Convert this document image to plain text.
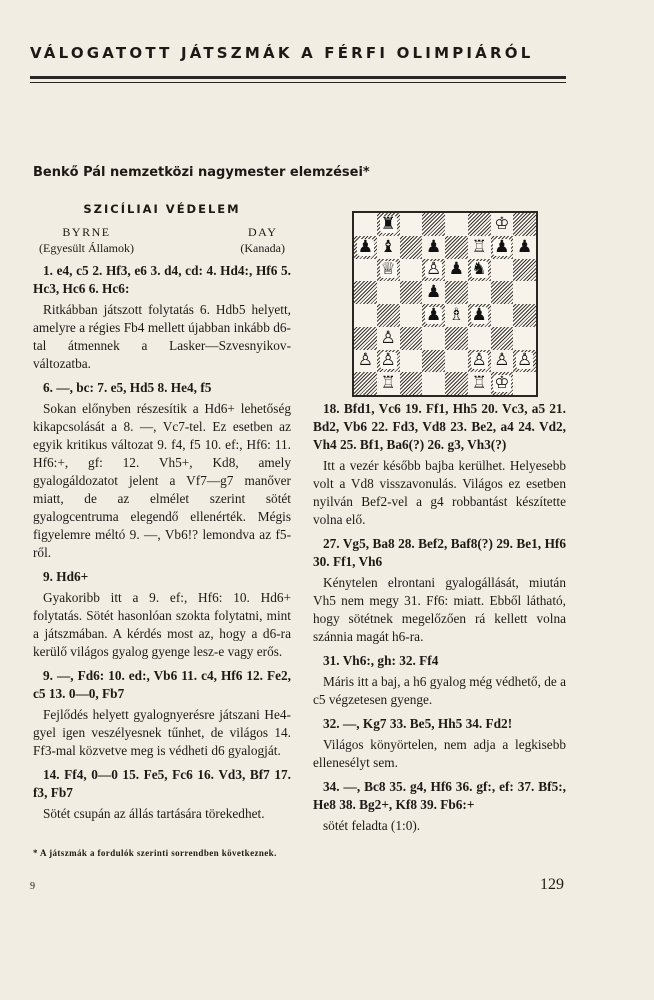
VÁLOGATOTT JÁTSZMÁK A FÉRFI OLIMPIÁRÓL
Benkő Pál nemzetközi nagymester elemzései*
SZICÍLIAI VÉDELEM
BYRNE
(Egyesült Államok)
DAY
(Kanada)
1. e4, c5 2. Hf3, e6 3. d4, cd: 4. Hd4:, Hf6 5. Hc3, Hc6 6. Hc6:
Ritkábban játszott folytatás 6. Hdb5 helyett, amelyre a régies Fb4 mellett újabban inkább d6-tal átmennek a Lasker—Szvesnyikov-változatba.
6. —, bc: 7. e5, Hd5 8. He4, f5
Sokan előnyben részesítik a Hd6+ lehetőség kikapcsolását a 8. —, Vc7-tel. Ez esetben az egyik kritikus változat 9. f4, f5 10. ef:, Hf6: 11. Hf6:+, gf: 12. Vh5+, Kd8, amely gyalogáldozatot jelent a Vf7—g7 manőver miatt, de az elmélet szerint sötét gyalogcentruma elegendő ellenérték. Mégis figyelemre méltó 9. —, Vb6!? lemondva az f5-ről.
9. Hd6+
Gyakoribb itt a 9. ef:, Hf6: 10. Hd6+ folytatás. Sötét hasonlóan szokta folytatni, mint a játszmában. A kérdés most az, hogy a d6-ra kerülő világos gyalog gyenge lesz-e vagy erős.
9. —, Fd6: 10. ed:, Vb6 11. c4, Hf6 12. Fe2, c5 13. 0—0, Fb7
Fejlődés helyett gyalognyerésre játszani He4-gyel igen veszélyesnek tűnhet, de világos 14. Ff3-mal közvetve meg is védheti d6 gyalogját.
14. Ff4, 0—0 15. Fe5, Fc6 16. Vd3, Bf7 17. f3, Fb7
Sötét csupán az állás tartására törekedhet.
♜	♔
♟ ♝ ♟ ♖ ♟ ♟
♕ ♙ ♟ ♞
♟
♟ ♗ ♟
♙
♙ ♙	♙ ♙ ♙
♖	♖ ♔
18. Bfd1, Vc6 19. Ff1, Hh5 20. Vc3, a5 21. Bd2, Vb6 22. Fd3, Vd8 23. Be2, a4 24. Vd2, Vh4 25. Bf1, Ba6(?) 26. g3, Vh3(?)
Itt a vezér később bajba kerülhet. Helyesebb volt a Vd8 visszavonulás. Világos ez esetben nyilván Bef2-vel a g4 robbantást készítette volna elő.
27. Vg5, Ba8 28. Bef2, Baf8(?) 29. Be1, Hf6 30. Ff1, Vh6
Kénytelen elrontani gyalogállását, miután Vh5 nem megy 31. Ff6: miatt. Ebből látható, hogy sötétnek megelőzően rá kellett volna szánnia magát h6-ra.
31. Vh6:, gh: 32. Ff4
Máris itt a baj, a h6 gyalog még védhető, de a c5 végzetesen gyenge.
32. —, Kg7 33. Be5, Hh5 34. Fd2!
Világos könyörtelen, nem adja a legkisebb ellenesélyt sem.
34. —, Bc8 35. g4, Hf6 36. gf:, ef: 37. Bf5:, He8 38. Bg2+, Kf8 39. Fb6:+
sötét feladta (1:0).
* A játszmák a fordulók szerinti sorrendben következnek.
9	129
